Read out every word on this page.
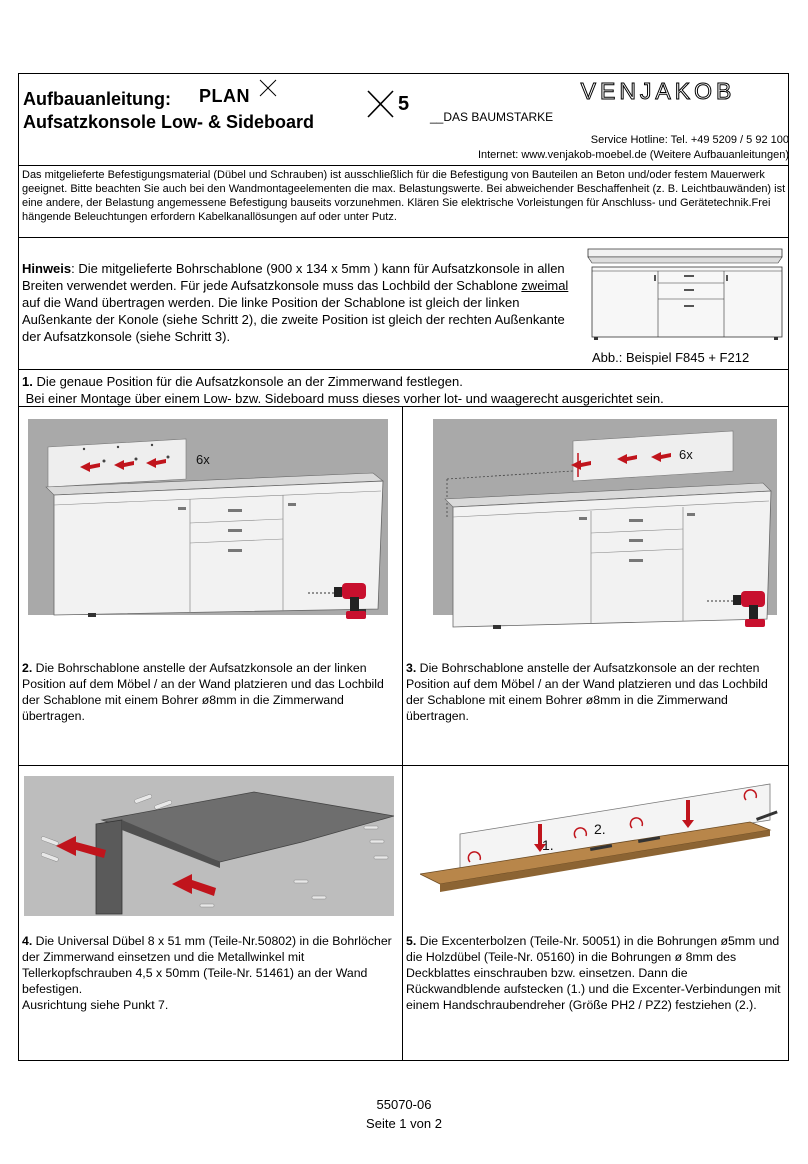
Aufbauanleitung: PLAN
Aufsatzkonsole Low- & Sideboard
5
__DAS BAUMSTARKE
VENJAKOB
Service Hotline: Tel. +49 5209 / 5 92 100
Internet: www.venjakob-moebel.de (Weitere Aufbauanleitungen)
Das mitgelieferte Befestigungsmaterial (Dübel und Schrauben) ist ausschließlich für die Befestigung von Bauteilen an Beton und/oder festem Mauerwerk geeignet. Bitte beachten Sie auch bei den Wandmontageelementen die max. Belastungswerte. Bei abweichender Beschaffenheit (z. B. Leichtbauwänden) ist eine andere, der Belastung angemessene Befestigung bauseits vorzunehmen. Klären Sie elektrische Vorleistungen für Anschluss- und Gerätetechnik.Frei hängende Beleuchtungen erfordern Kabelkanallösungen auf oder unter Putz.
Hinweis: Die mitgelieferte Bohrschablone (900 x 134 x 5mm ) kann für Aufsatzkonsole in allen Breiten verwendet werden. Für jede Aufsatzkonsole muss das Lochbild der Schablone zweimal auf die Wand übertragen werden. Die linke Position der Schablone ist gleich der linken Außenkante der Konole (siehe Schritt 2), die zweite Position ist gleich der rechten Außenkante der Aufsatzkonsole (siehe Schritt 3).
Abb.: Beispiel F845 + F212
1. Die genaue Position für die Aufsatzkonsole an der Zimmerwand festlegen.
Bei einer Montage über einem Low- bzw. Sideboard muss dieses vorher lot- und waagerecht ausgerichtet sein.
6x	6x
2. Die Bohrschablone anstelle der Aufsatzkonsole an der linken Position auf dem Möbel / an der Wand platzieren und das Lochbild der Schablone mit einem Bohrer ø8mm in die Zimmerwand übertragen.
3. Die Bohrschablone anstelle der Aufsatzkonsole an der rechten Position auf dem Möbel / an der Wand platzieren und das Lochbild der Schablone mit einem Bohrer ø8mm in die Zimmerwand übertragen.
1.
2.
4. Die Universal Dübel 8 x 51 mm (Teile-Nr.50802) in die Bohrlöcher der Zimmerwand einsetzen und die Metallwinkel mit Tellerkopfschrauben 4,5 x 50mm (Teile-Nr. 51461) an der Wand befestigen.
Ausrichtung siehe Punkt 7.
5. Die Excenterbolzen (Teile-Nr. 50051) in die Bohrungen ø5mm und die Holzdübel (Teile-Nr. 05160) in die Bohrungen ø 8mm des Deckblattes einschrauben bzw. einsetzen. Dann die Rückwandblende aufstecken (1.) und die Excenter-Verbindungen mit einem Handschraubendreher (Größe PH2 / PZ2) festziehen (2.).
55070-06
Seite 1 von 2
